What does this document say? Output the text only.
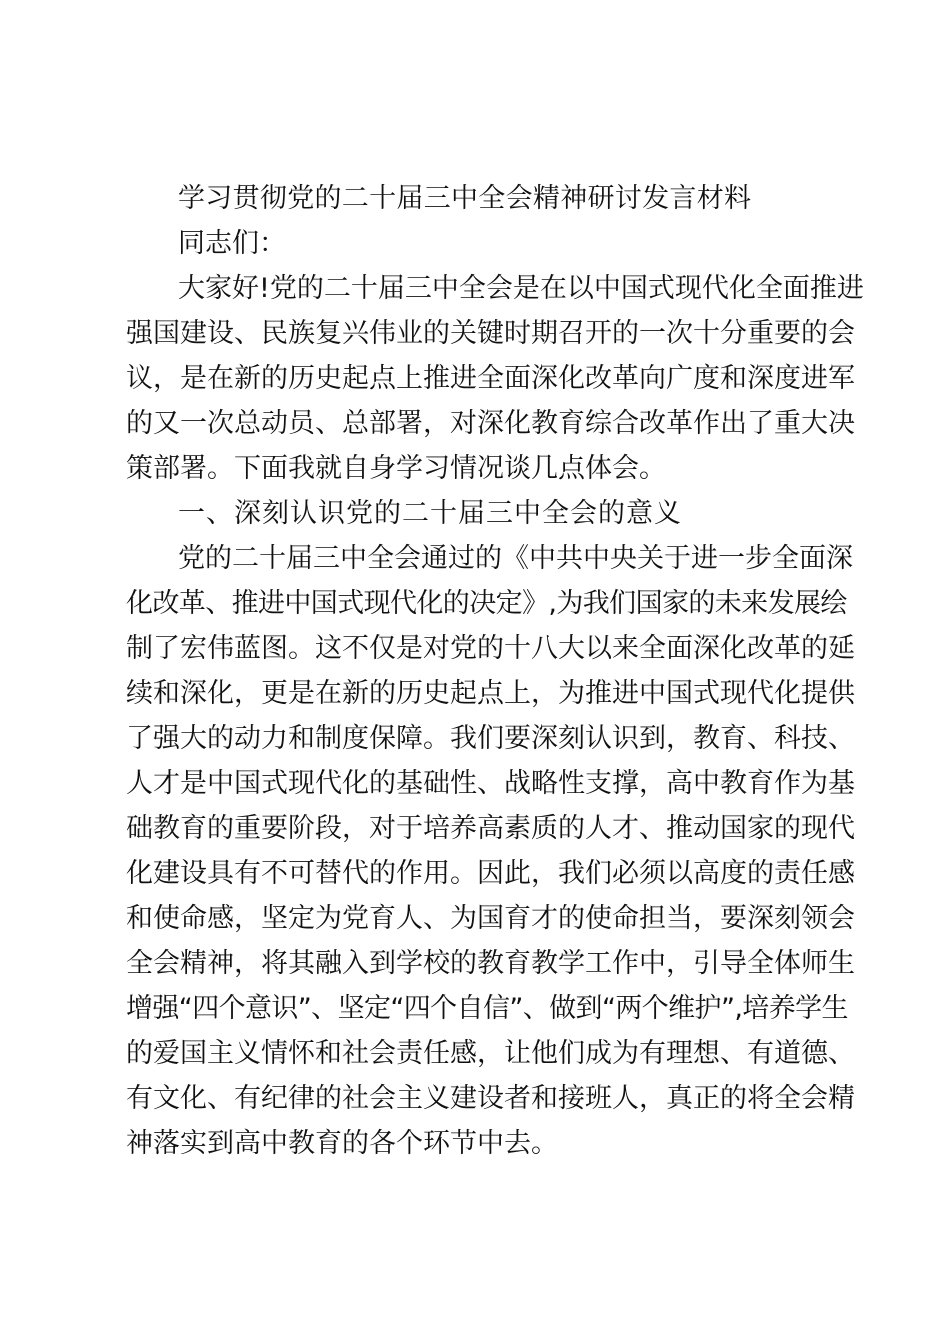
学习贯彻党的二十届三中全会精神研讨发言材料
同志们：
大家好!党的二十届三中全会是在以中国式现代化全面推进
强国建设、民族复兴伟业的关键时期召开的一次十分重要的会
议，是在新的历史起点上推进全面深化改革向广度和深度进军
的又一次总动员、总部署，对深化教育综合改革作出了重大决
策部署。下面我就自身学习情况谈几点体会。
一、深刻认识党的二十届三中全会的意义
党的二十届三中全会通过的《中共中央关于进一步全面深
化改革、推进中国式现代化的决定》,为我们国家的未来发展绘
制了宏伟蓝图。这不仅是对党的十八大以来全面深化改革的延
续和深化，更是在新的历史起点上，为推进中国式现代化提供
了强大的动力和制度保障。我们要深刻认识到，教育、科技、
人才是中国式现代化的基础性、战略性支撑，高中教育作为基
础教育的重要阶段，对于培养高素质的人才、推动国家的现代
化建设具有不可替代的作用。因此，我们必须以高度的责任感
和使命感，坚定为党育人、为国育才的使命担当，要深刻领会
全会精神，将其融入到学校的教育教学工作中，引导全体师生
增强“四个意识”、坚定“四个自信”、做到“两个维护”,培养学生
的爱国主义情怀和社会责任感，让他们成为有理想、有道德、
有文化、有纪律的社会主义建设者和接班人，真正的将全会精
神落实到高中教育的各个环节中去。
